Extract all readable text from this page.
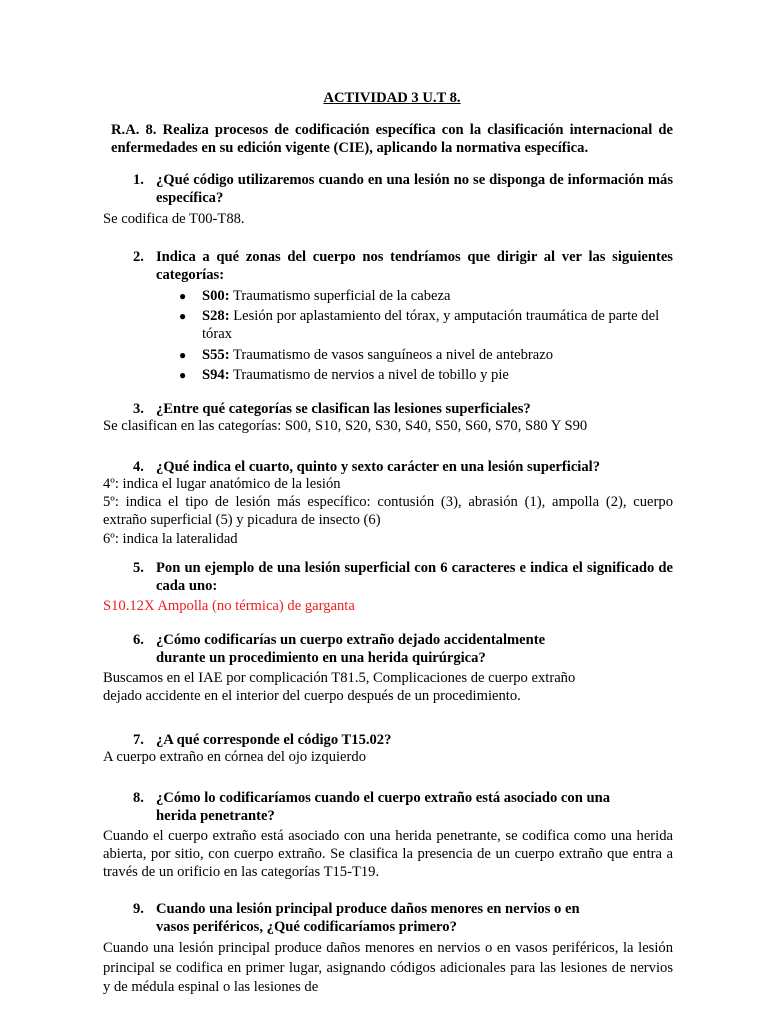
ACTIVIDAD 3 U.T 8.
R.A. 8. Realiza procesos de codificación específica con la clasificación internacional de enfermedades en su edición vigente (CIE), aplicando la normativa específica.
1. ¿Qué código utilizaremos cuando en una lesión no se disponga de información más específica?
Se codifica de T00-T88.
2. Indica a qué zonas del cuerpo nos tendríamos que dirigir al ver las siguientes categorías:
● S00: Traumatismo superficial de la cabeza
● S28: Lesión por aplastamiento del tórax, y amputación traumática de parte del tórax
● S55: Traumatismo de vasos sanguíneos a nivel de antebrazo
● S94: Traumatismo de nervios a nivel de tobillo y pie
3. ¿Entre qué categorías se clasifican las lesiones superficiales?
Se clasifican en las categorías: S00, S10, S20, S30, S40, S50, S60, S70, S80 Y S90
4. ¿Qué indica el cuarto, quinto y sexto carácter en una lesión superficial?
4º: indica el lugar anatómico de la lesión
5º: indica el tipo de lesión más específico: contusión (3), abrasión (1), ampolla (2), cuerpo extraño superficial (5) y picadura de insecto (6)
6º: indica la lateralidad
5. Pon un ejemplo de una lesión superficial con 6 caracteres e indica el significado de cada uno:
S10.12X Ampolla (no térmica) de garganta
6. ¿Cómo codificarías un cuerpo extraño dejado accidentalmente
durante un procedimiento en una herida quirúrgica?
Buscamos en el IAE por complicación T81.5, Complicaciones de cuerpo extraño
dejado accidente en el interior del cuerpo después de un procedimiento.
7. ¿A qué corresponde el código T15.02?
A cuerpo extraño en córnea del ojo izquierdo
8. ¿Cómo lo codificaríamos cuando el cuerpo extraño está asociado con una
herida penetrante?
Cuando el cuerpo extraño está asociado con una herida penetrante, se codifica como una herida abierta, por sitio, con cuerpo extraño. Se clasifica la presencia de un cuerpo extraño que entra a través de un orificio en las categorías T15-T19.
9. Cuando una lesión principal produce daños menores en nervios o en
vasos periféricos, ¿Qué codificaríamos primero?
Cuando una lesión principal produce daños menores en nervios o en vasos periféricos, la lesión principal se codifica en primer lugar, asignando códigos adicionales para las lesiones de nervios y de médula espinal o las lesiones de
